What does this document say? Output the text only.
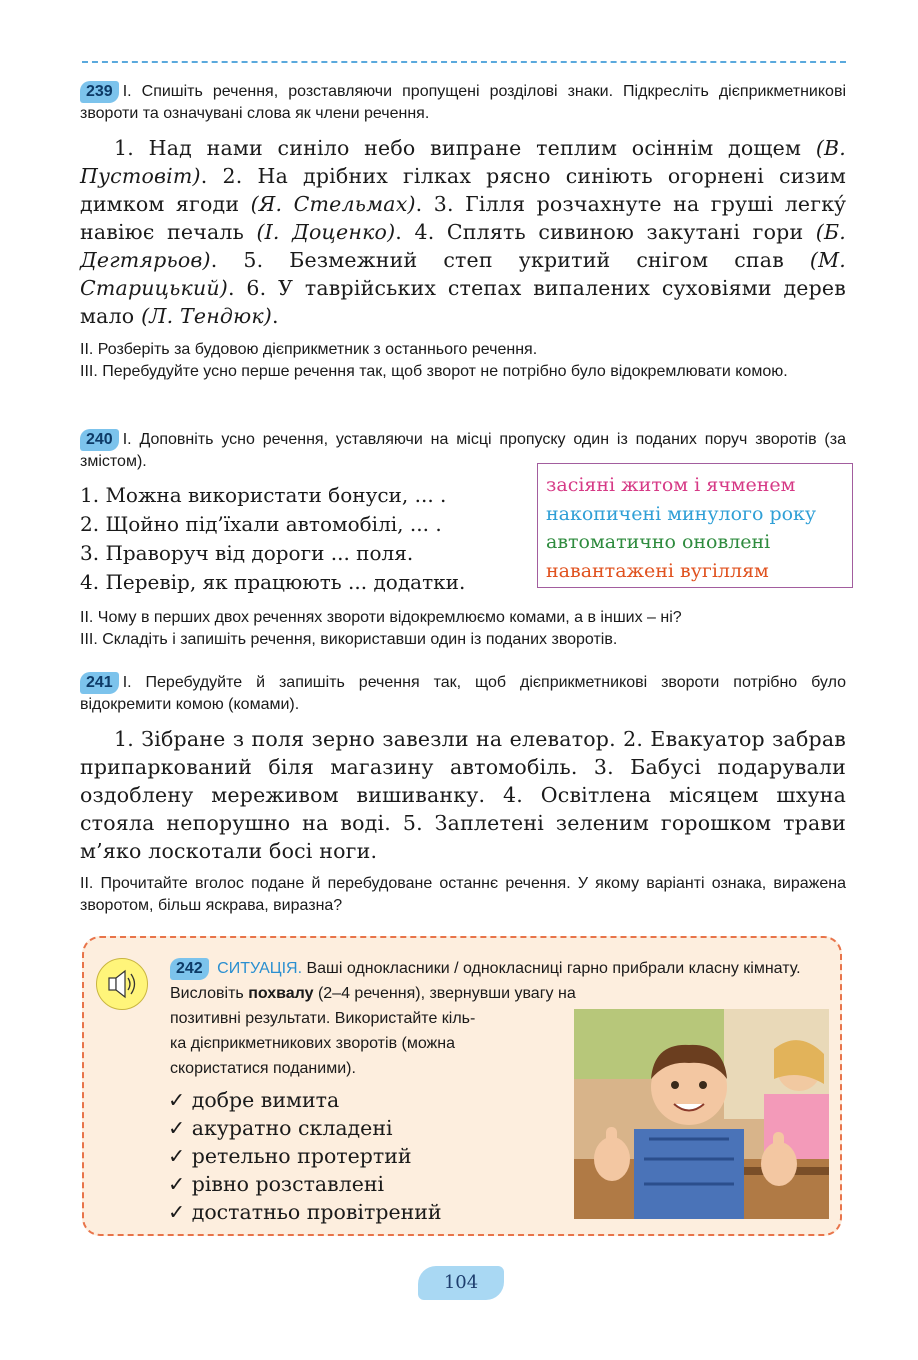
239 І. Спишіть речення, розставляючи пропущені розділові знаки. Підкресліть дієприкметникові звороти та означувані слова як члени речення.

1. Над нами синіло небо випране теплим осіннім дощем (В. Пустовіт). 2. На дрібних гілках рясно синіють огорнені сизим димком ягоди (Я. Стельмах). 3. Гілля розчахнуте на груші легкý навіює печаль (І. Доценко). 4. Сплять сивиною закутані гори (Б. Дегтярьов). 5. Безмежний степ укритий снігом спав (М. Старицький). 6. У таврійських степах випалених суховіями дерев мало (Л. Тендюк).

ІІ. Розберіть за будовою дієприкметник з останнього речення.

ІІІ. Перебудуйте усно перше речення так, щоб зворот не потрібно було відокремлювати комою.

240 І. Доповніть усно речення, уставляючи на місці пропуску один із поданих поруч зворотів (за змістом).

1. Можна використати бонуси, ... .

2. Щойно під’їхали автомобілі, ... .

3. Праворуч від дороги ... поля.

4. Перевір, як працюють ... додатки.

засіяні житом і ячменем
накопичені минулого року
автоматично оновлені
навантажені вугіллям

ІІ. Чому в перших двох реченнях звороти відокремлюємо комами, а в інших – ні?

ІІІ. Складіть і запишіть речення, використавши один із поданих зворотів.

241 І. Перебудуйте й запишіть речення так, щоб дієприкметникові звороти потрібно було відокремити комою (комами).

1. Зібране з поля зерно завезли на елеватор. 2. Евакуатор забрав припаркований біля магазину автомобіль. 3. Бабусі подарували оздоблену мереживом вишиванку. 4. Освітлена місяцем шхуна стояла непорушно на воді. 5. Заплетені зеленим горошком трави м’яко лоскотали босі ноги.

ІІ. Прочитайте вголос подане й перебудоване останнє речення. У якому варіанті ознака, виражена зворотом, більш яскрава, виразна?

242 СИТУАЦІЯ. Ваші однокласники / однокласниці гарно прибрали класну кімнату. Висловіть похвалу (2–4 речення), звернувши увагу на
позитивні результати. Використайте кіль-
ка дієприкметникових зворотів (можна
скористатися поданими).
✓ добре вимита
✓ акуратно складені
✓ ретельно протертий
✓ рівно розставлені
✓ достатньо провітрений
104
